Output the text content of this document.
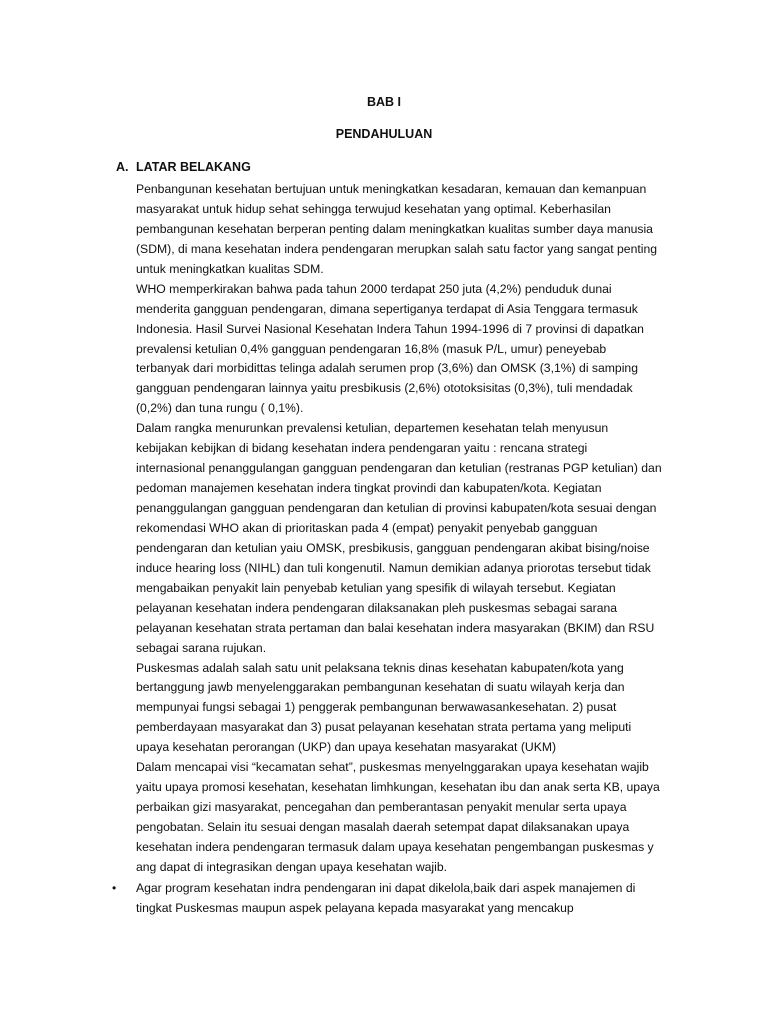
BAB I
PENDAHULUAN
A. LATAR BELAKANG
Penbangunan kesehatan bertujuan untuk meningkatkan kesadaran, kemauan dan kemanpuan
masyarakat untuk hidup sehat sehingga terwujud kesehatan yang optimal. Keberhasilan
pembangunan kesehatan berperan penting dalam meningkatkan kualitas sumber daya manusia
(SDM), di mana kesehatan indera pendengaran merupkan salah satu factor yang sangat penting
untuk meningkatkan kualitas SDM.
WHO memperkirakan bahwa pada tahun 2000 terdapat 250 juta (4,2%) penduduk dunai
menderita gangguan pendengaran, dimana sepertiganya terdapat di Asia Tenggara termasuk
Indonesia. Hasil Survei Nasional Kesehatan Indera Tahun 1994-1996 di 7 provinsi di dapatkan
prevalensi ketulian 0,4% gangguan pendengaran 16,8% (masuk P/L, umur) peneyebab
terbanyak dari morbidittas telinga adalah serumen prop (3,6%) dan OMSK (3,1%) di samping
gangguan pendengaran lainnya yaitu presbikusis (2,6%) ototoksisitas (0,3%), tuli mendadak
(0,2%) dan tuna rungu ( 0,1%).
Dalam rangka menurunkan prevalensi ketulian, departemen kesehatan telah menyusun
kebijakan kebijkan di bidang kesehatan indera pendengaran yaitu : rencana strategi
internasional penanggulangan gangguan pendengaran dan ketulian (restranas PGP ketulian) dan
pedoman manajemen kesehatan indera tingkat provindi dan kabupaten/kota. Kegiatan
penanggulangan gangguan pendengaran dan ketulian di provinsi kabupaten/kota sesuai dengan
rekomendasi WHO akan di prioritaskan pada 4 (empat) penyakit penyebab gangguan
pendengaran dan ketulian yaiu OMSK, presbikusis, gangguan pendengaran akibat bising/noise
induce hearing loss (NIHL) dan tuli kongenutil. Namun demikian adanya priorotas tersebut tidak
mengabaikan penyakit lain penyebab ketulian yang spesifik di wilayah tersebut. Kegiatan
pelayanan kesehatan indera pendengaran dilaksanakan pleh puskesmas sebagai sarana
pelayanan kesehatan strata pertaman dan balai kesehatan indera masyarakan (BKIM) dan RSU
sebagai sarana rujukan.
Puskesmas adalah salah satu unit pelaksana teknis dinas kesehatan kabupaten/kota yang
bertanggung jawb menyelenggarakan pembangunan kesehatan di suatu wilayah kerja dan
mempunyai fungsi sebagai 1) penggerak pembangunan berwawasankesehatan. 2) pusat
pemberdayaan masyarakat dan 3) pusat pelayanan kesehatan strata pertama yang meliputi
upaya kesehatan perorangan (UKP) dan upaya kesehatan masyarakat (UKM)
Dalam mencapai visi “kecamatan sehat”, puskesmas menyelnggarakan upaya kesehatan wajib
yaitu upaya promosi kesehatan, kesehatan limhkungan, kesehatan ibu dan anak serta KB, upaya
perbaikan gizi masyarakat, pencegahan dan pemberantasan penyakit menular serta upaya
pengobatan. Selain itu sesuai dengan masalah daerah setempat dapat dilaksanakan upaya
kesehatan indera pendengaran termasuk dalam upaya kesehatan pengembangan puskesmas y
ang dapat di integrasikan dengan upaya kesehatan wajib.
• Agar program kesehatan indra pendengaran ini dapat dikelola,baik dari aspek manajemen di
tingkat Puskesmas maupun aspek pelayana kepada masyarakat yang mencakup
